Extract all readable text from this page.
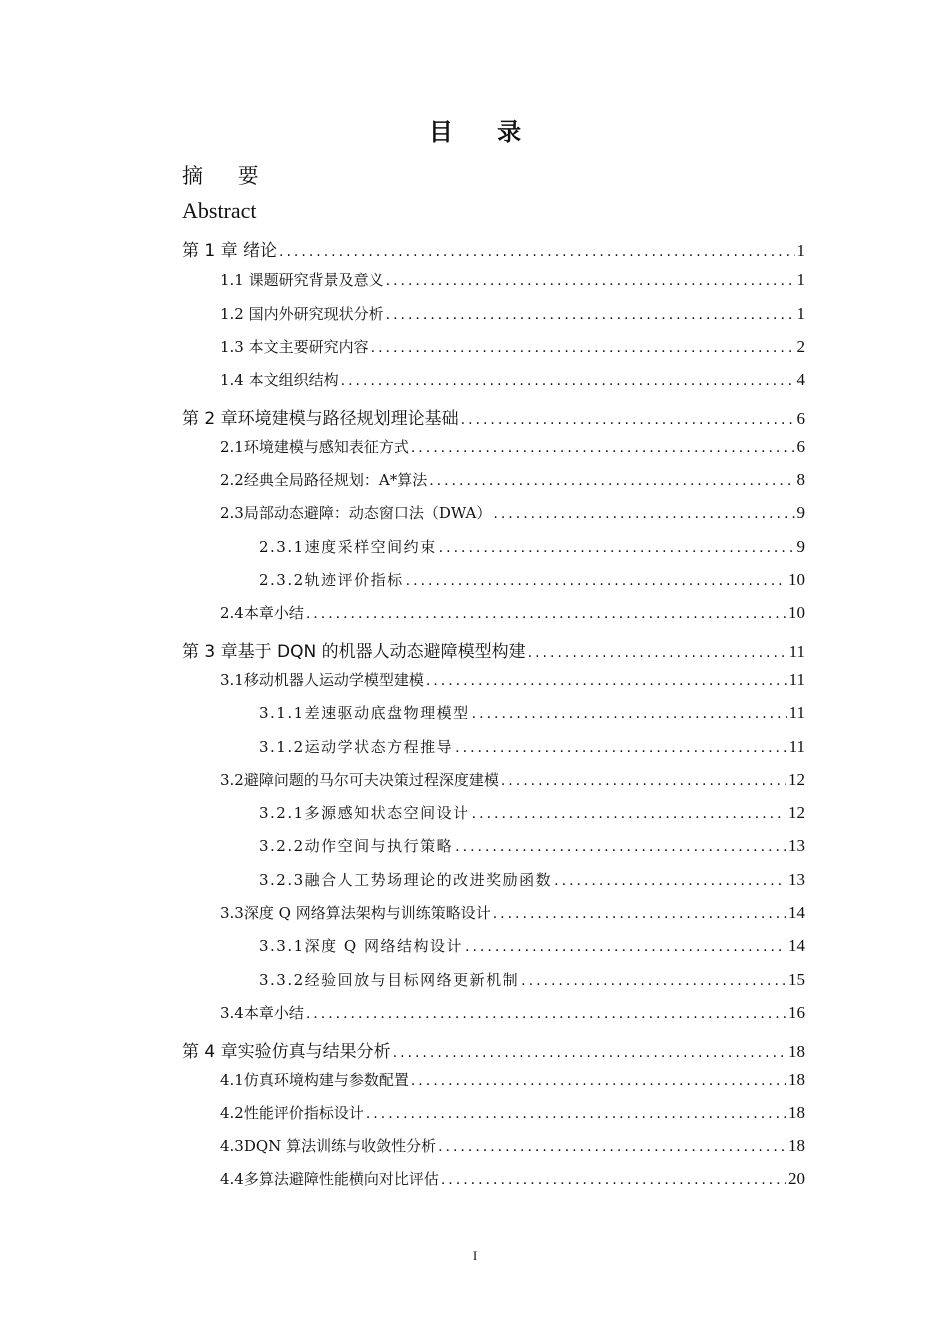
目 录
摘 要
Abstract
第 1 章 绪论 .....	1
1.1 课题研究背景及意义 .....	1
1.2 国内外研究现状分析 .....	1
1.3 本文主要研究内容 .....	2
1.4 本文组织结构 .....	4
第 2 章环境建模与路径规划理论基础 .....	6
2.1环境建模与感知表征方式 .....	6
2.2经典全局路径规划：A*算法 .....	8
2.3局部动态避障：动态窗口法（DWA） .....	9
2.3.1速度采样空间约束 .....	9
2.3.2轨迹评价指标 .....	10
2.4本章小结 .....	10
第 3 章基于 DQN 的机器人动态避障模型构建 .....	11
3.1移动机器人运动学模型建模 .....	11
3.1.1差速驱动底盘物理模型 .....	11
3.1.2运动学状态方程推导 .....	11
3.2避障问题的马尔可夫决策过程深度建模 .....	12
3.2.1多源感知状态空间设计 .....	12
3.2.2动作空间与执行策略 .....	13
3.2.3融合人工势场理论的改进奖励函数 .....	13
3.3深度 Q 网络算法架构与训练策略设计 .....	14
3.3.1深度 Q 网络结构设计 .....	14
3.3.2经验回放与目标网络更新机制 .....	15
3.4本章小结 .....	16
第 4 章实验仿真与结果分析 .....	18
4.1仿真环境构建与参数配置 .....	18
4.2性能评价指标设计 .....	18
4.3DQN 算法训练与收敛性分析 .....	18
4.4多算法避障性能横向对比评估 .....	20
I
